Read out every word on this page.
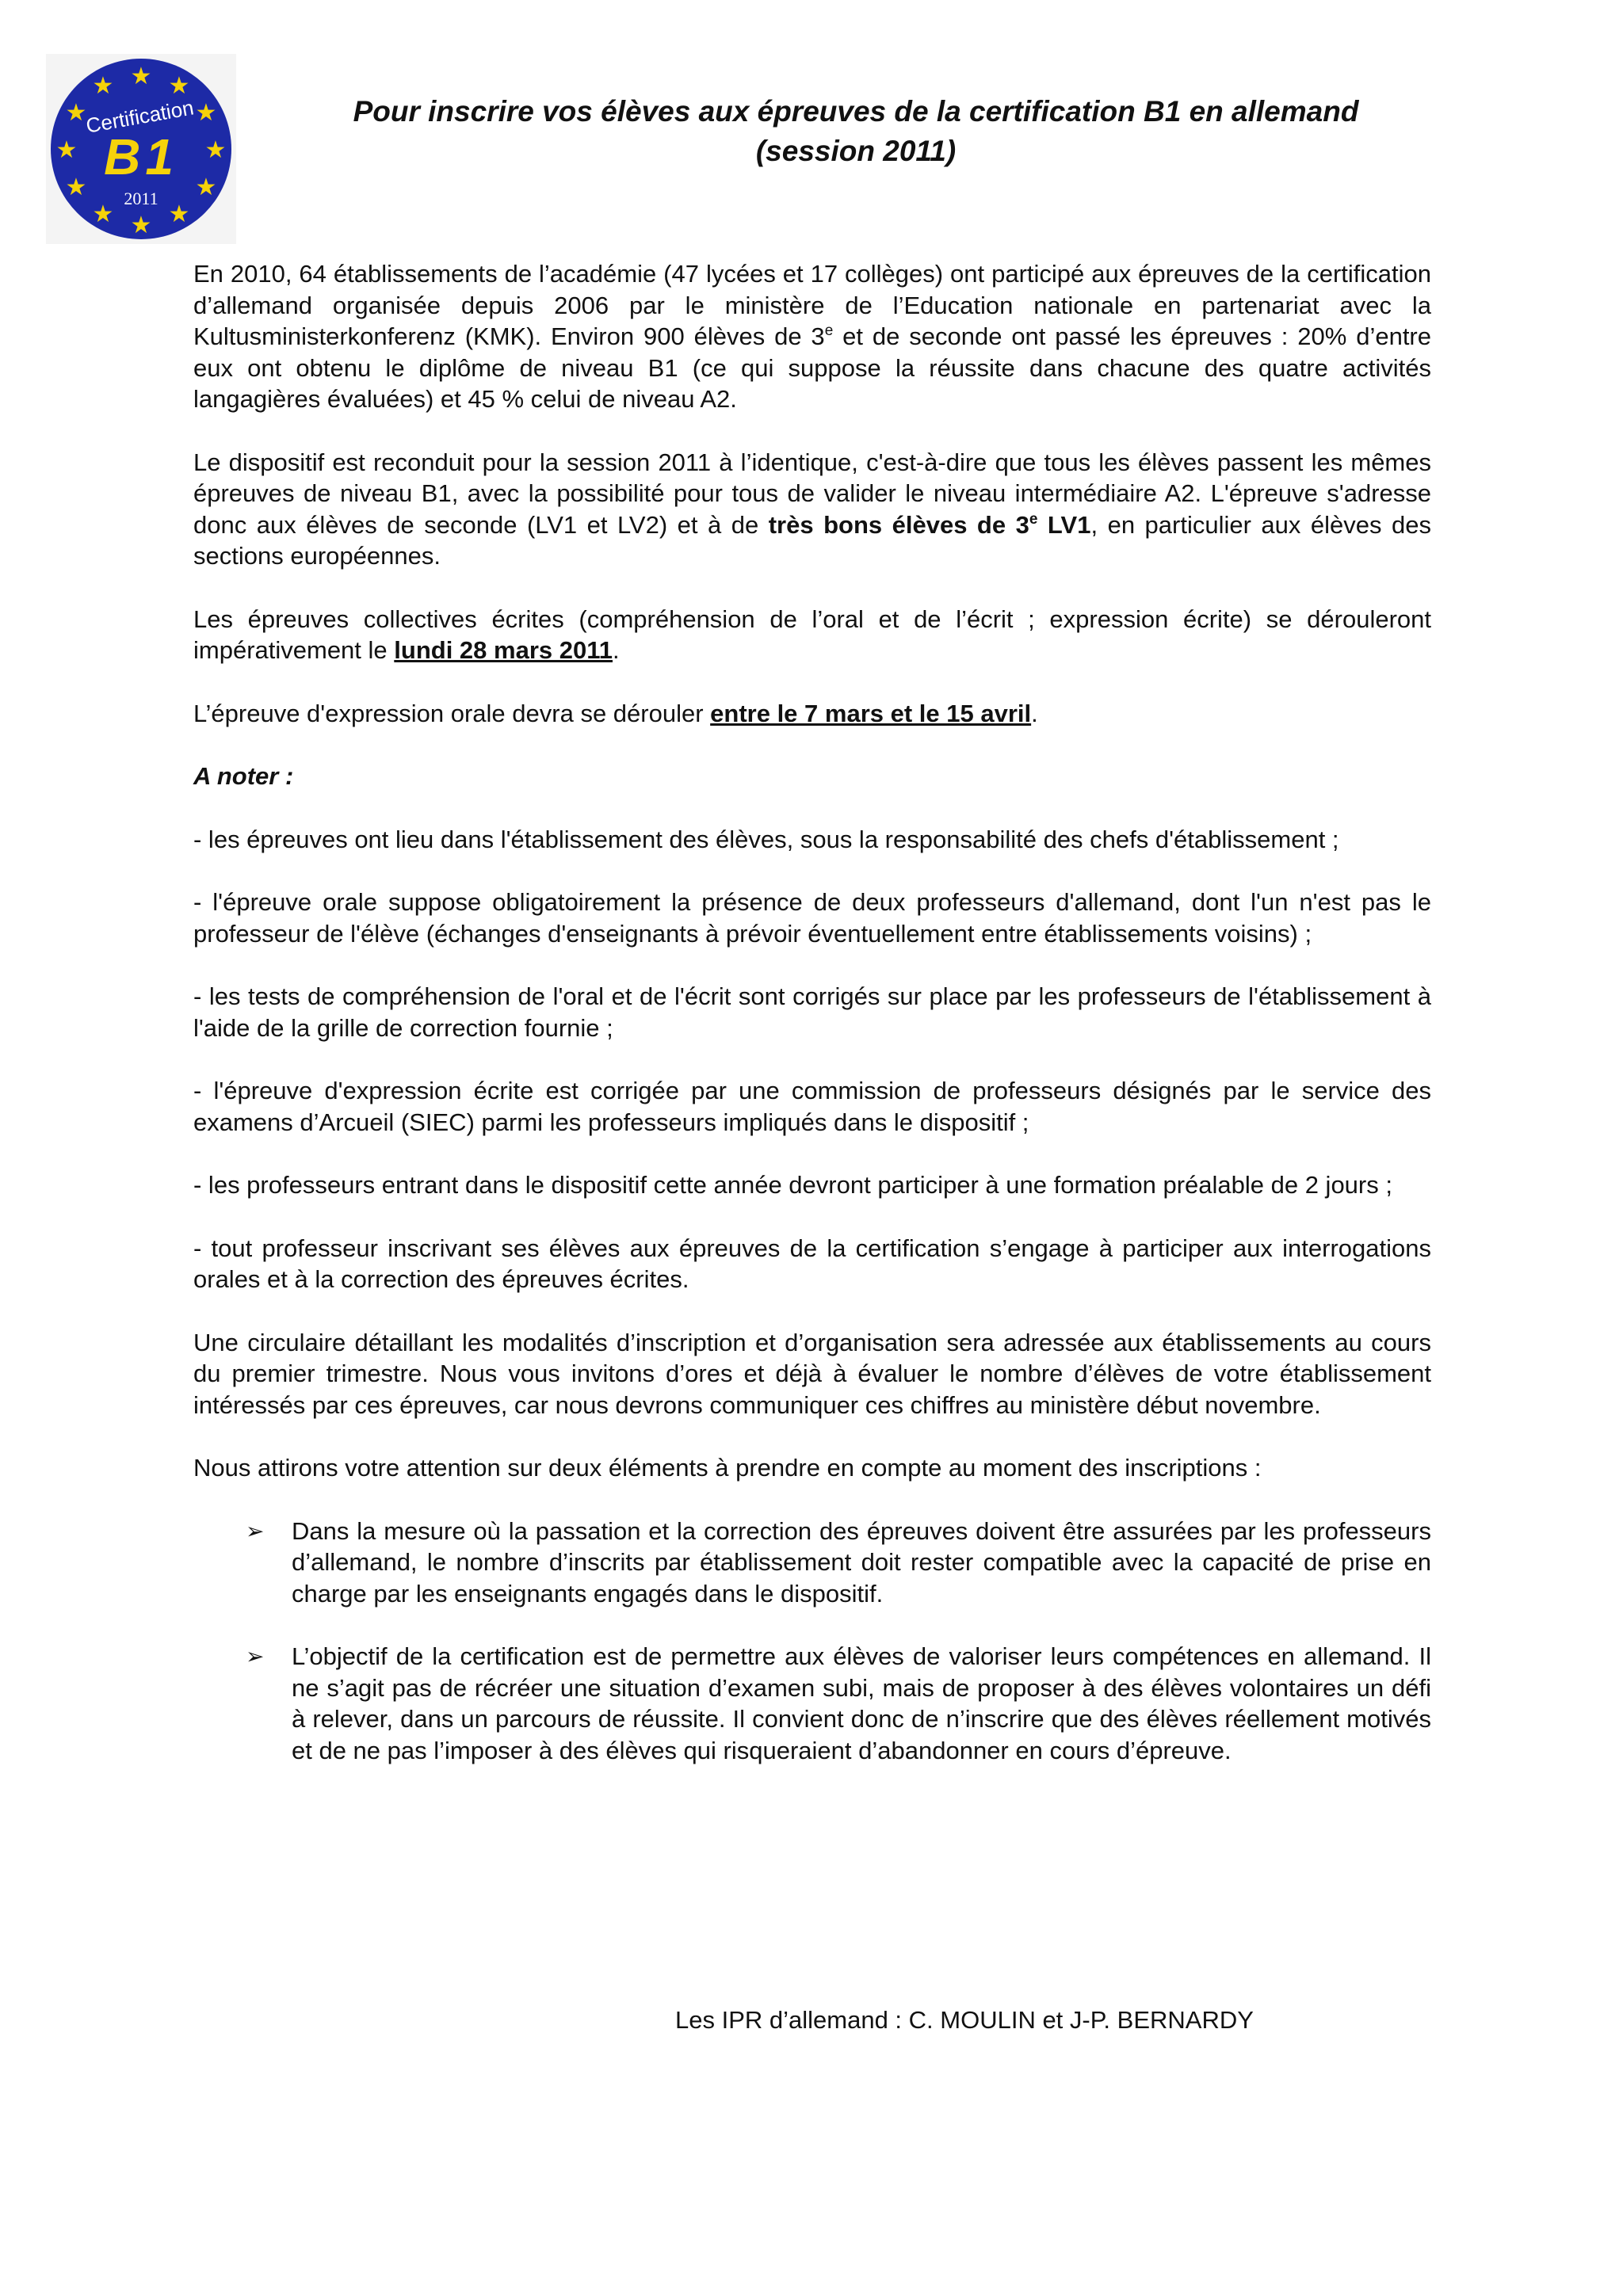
★ ★
★
★
★
★
★
★
★
★
★
★
Certification
B1
2011
Pour inscrire vos élèves aux épreuves de la certification B1 en allemand
(session 2011)

En 2010, 64 établissements de l’académie (47 lycées et 17 collèges) ont participé aux épreuves de la certification d’allemand organisée depuis 2006 par le ministère de l’Education nationale en partenariat avec la Kultusministerkonferenz (KMK). Environ 900 élèves de 3e et de seconde ont passé les épreuves : 20% d’entre eux ont obtenu le diplôme de niveau B1 (ce qui suppose la réussite dans chacune des quatre activités langagières évaluées) et 45 % celui de niveau A2.

Le dispositif est reconduit pour la session 2011 à l’identique, c'est-à-dire que tous les élèves passent les mêmes épreuves de niveau B1, avec la possibilité pour tous de valider le niveau intermédiaire A2. L'épreuve s'adresse donc aux élèves de seconde (LV1 et LV2) et à de très bons élèves de 3e LV1, en particulier aux élèves des sections européennes.

Les épreuves collectives écrites (compréhension de l’oral et de l’écrit ; expression écrite) se dérouleront impérativement le lundi 28 mars 2011.

L’épreuve d'expression orale devra se dérouler entre le 7 mars et le 15 avril.

A noter :

- les épreuves ont lieu dans l'établissement des élèves, sous la responsabilité des chefs d'établissement ;

- l'épreuve orale suppose obligatoirement la présence de deux professeurs d'allemand, dont l'un n'est pas le professeur de l'élève (échanges d'enseignants à prévoir éventuellement entre établissements voisins) ;

- les tests de compréhension de l'oral et de l'écrit sont corrigés sur place par les professeurs de l'établissement à l'aide de la grille de correction fournie ;

- l'épreuve d'expression écrite est corrigée par une commission de professeurs désignés par le service des examens d’Arcueil (SIEC) parmi les professeurs impliqués dans le dispositif ;

- les professeurs entrant dans le dispositif cette année devront participer à une formation préalable de 2 jours ;

- tout professeur inscrivant ses élèves aux épreuves de la certification s’engage à participer aux interrogations orales et à la correction des épreuves écrites.

Une circulaire détaillant les modalités d’inscription et d’organisation sera adressée aux établissements au cours du premier trimestre. Nous vous invitons d’ores et déjà à évaluer le nombre d’élèves de votre établissement intéressés par ces épreuves, car nous devrons communiquer ces chiffres au ministère début novembre.

Nous attirons votre attention sur deux éléments à prendre en compte au moment des inscriptions :

➢ Dans la mesure où la passation et la correction des épreuves doivent être assurées par les professeurs d’allemand, le nombre d’inscrits par établissement doit rester compatible avec la capacité de prise en charge par les enseignants engagés dans le dispositif.
➢ L’objectif de la certification est de permettre aux élèves de valoriser leurs compétences en allemand. Il ne s’agit pas de récréer une situation d’examen subi, mais de proposer à des élèves volontaires un défi à relever, dans un parcours de réussite. Il convient donc de n’inscrire que des élèves réellement motivés et de ne pas l’imposer à des élèves qui risqueraient d’abandonner en cours d’épreuve.
Les IPR d’allemand : C. MOULIN et J-P. BERNARDY
